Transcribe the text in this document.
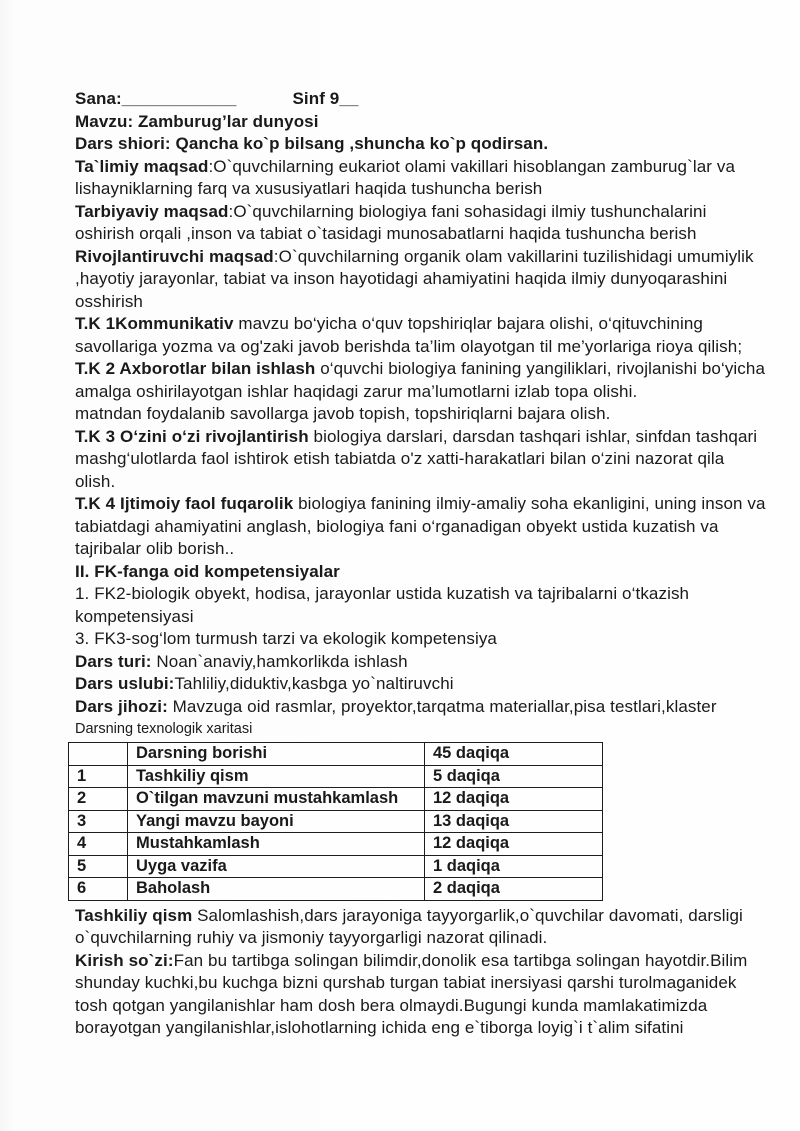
Sana:____________	Sinf 9__

Mavzu: Zamburug’lar dunyosi

Dars shiori: Qancha ko`p bilsang ,shuncha ko`p qodirsan.

Ta`limiy maqsad:O`quvchilarning eukariot olami vakillari hisoblangan zamburug`lar va lishayniklarning farq va xususiyatlari haqida tushuncha berish

Tarbiyaviy maqsad:O`quvchilarning biologiya fani sohasidagi ilmiy tushunchalarini oshirish orqali ,inson va tabiat o`tasidagi munosabatlarni haqida tushuncha berish

Rivojlantiruvchi maqsad:O`quvchilarning organik olam vakillarini tuzilishidagi umumiylik ,hayotiy jarayonlar, tabiat va inson hayotidagi ahamiyatini haqida ilmiy dunyoqarashini osshirish

T.K 1Kommunikativ mavzu bo‘yicha o‘quv topshiriqlar bajara olishi, o‘qituvchining savollariga yozma va og'zaki javob berishda ta’lim olayotgan til me’yorlariga rioya qilish;

T.K 2 Axborotlar bilan ishlash o‘quvchi biologiya fanining yangiliklari, rivojlanishi bo‘yicha amalga oshirilayotgan ishlar haqidagi zarur ma’lumotlarni izlab topa olishi.

matndan foydalanib savollarga javob topish, topshiriqlarni bajara olish.

T.K 3 O‘zini o‘zi rivojlantirish biologiya darslari, darsdan tashqari ishlar, sinfdan tashqari mashg‘ulotlarda faol ishtirok etish tabiatda o'z xatti-harakatlari bilan o‘zini nazorat qila olish.

T.K 4 Ijtimoiy faol fuqarolik biologiya fanining ilmiy-amaliy soha ekanligini, uning inson va tabiatdagi ahamiyatini anglash, biologiya fani o‘rganadigan obyekt ustida kuzatish va tajribalar olib borish..

II. FK-fanga oid kompetensiyalar

1. FK2-biologik obyekt, hodisa, jarayonlar ustida kuzatish va tajribalarni o‘tkazish kompetensiyasi

3. FK3-sog‘lom turmush tarzi va ekologik kompetensiya

Dars turi: Noan`anaviy,hamkorlikda ishlash

Dars uslubi:Tahliliy,diduktiv,kasbga yo`naltiruvchi

Dars jihozi: Mavzuga oid rasmlar, proyektor,tarqatma materiallar,pisa testlari,klaster

Darsning texnologik xaritasi

	Darsning borishi	45 daqiqa
1	Tashkiliy qism	5 daqiqa
2	O`tilgan mavzuni mustahkamlash	12 daqiqa
3	Yangi mavzu bayoni	13 daqiqa
4	Mustahkamlash	12 daqiqa
5	Uyga vazifa	1 daqiqa
6	Baholash	2 daqiqa

Tashkiliy qism Salomlashish,dars jarayoniga tayyorgarlik,o`quvchilar davomati, darsligi o`quvchilarning ruhiy va jismoniy tayyorgarligi nazorat qilinadi.

Kirish so`zi:Fan bu tartibga solingan bilimdir,donolik esa tartibga solingan hayotdir.Bilim shunday kuchki,bu kuchga bizni qurshab turgan tabiat inersiyasi qarshi turolmaganidek tosh qotgan yangilanishlar ham dosh bera olmaydi.Bugungi kunda mamlakatimizda borayotgan yangilanishlar,islohotlarning ichida eng e`tiborga loyig`i t`alim sifatini
